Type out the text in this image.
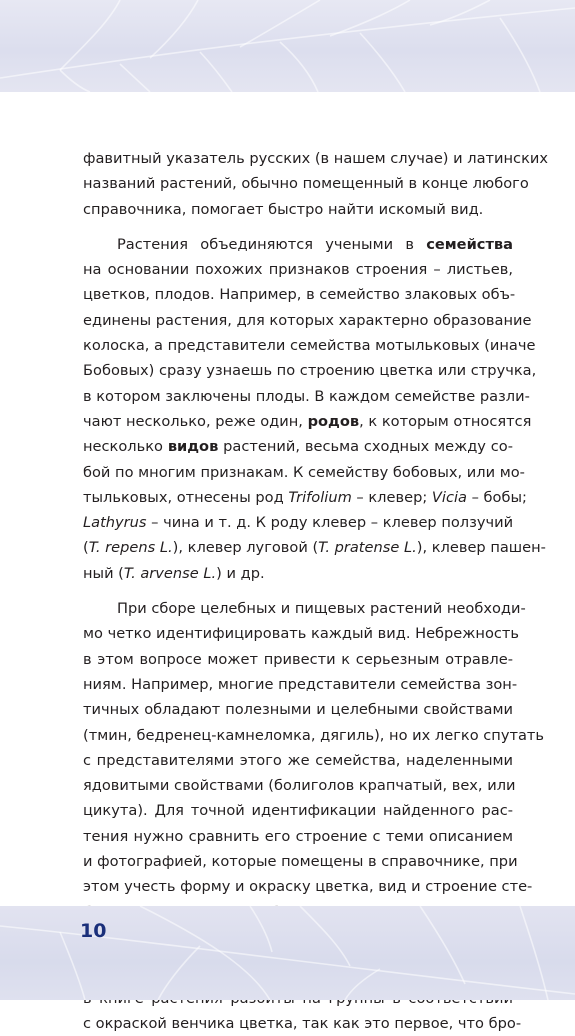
фавитный указатель русских (в нашем случае) и латинских
названий растений, обычно помещенный в конце любого
справочника, помогает быстро найти искомый вид.
Растения объединяются учеными в семейства
на основании похожих признаков строения – листьев,
цветков, плодов. Например, в семейство злаковых объ-
единены растения, для которых характерно образование
колоска, а представители семейства мотыльковых (иначе
Бобовых) сразу узнаешь по строению цветка или стручка,
в котором заключены плоды. В каждом семействе разли-
чают несколько, реже один, родов, к которым относятся
несколько видов растений, весьма сходных между со-
бой по многим признакам. К семейству бобовых, или мо-
тыльковых, отнесены род Trifolium – клевер; Vicia – бобы;
Lathyrus – чина и т. д. К роду клевер – клевер ползучий
(T. repens L.), клевер луговой (T. pratense L.), клевер пашен-
ный (T. arvense L.) и др.
При сборе целебных и пищевых растений необходи-
мо четко идентифицировать каждый вид. Небрежность
в этом вопросе может привести к серьезным отравле-
ниям. Например, многие представители семейства зон-
тичных обладают полезными и целебными свойствами
(тмин, бедренец-камнеломка, дягиль), но их легко спутать
с представителями этого же семейства, наделенными
ядовитыми свойствами (болиголов крапчатый, вех, или
цикута). Для точной идентификации найденного рас-
тения нужно сравнить его строение с теми описанием
и фотографией, которые помещены в справочнике, при
этом учесть форму и окраску цветка, вид и строение сте-
с окраской венчика цветка, так как это первое, что бро-
10
